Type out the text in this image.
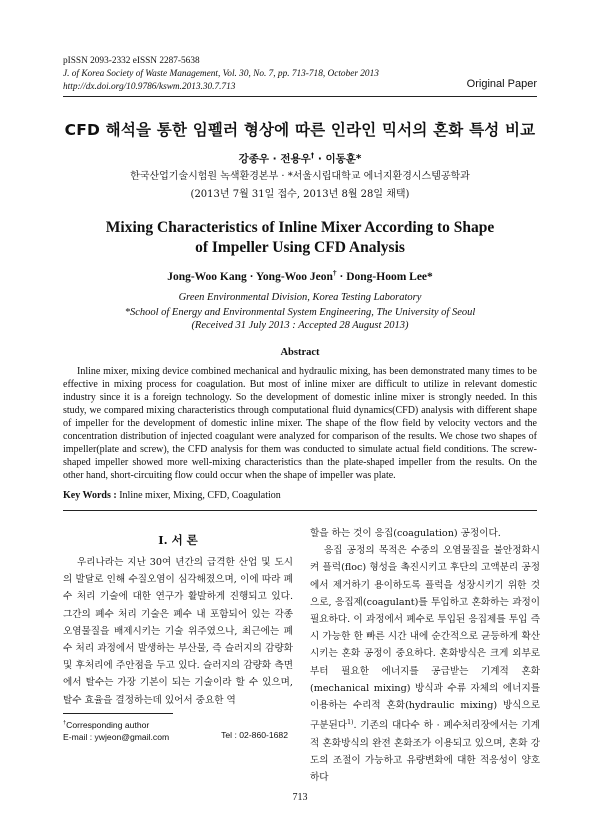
pISSN 2093-2332 eISSN 2287-5638
J. of Korea Society of Waste Management, Vol. 30, No. 7, pp. 713-718, October 2013
http://dx.doi.org/10.9786/kswm.2013.30.7.713	Original Paper
CFD 해석을 통한 임펠러 형상에 따른 인라인 믹서의 혼화 특성 비교
강종우 · 전용우† · 이동훈*
한국산업기술시험원 녹색환경본부 · *서울시립대학교 에너지환경시스템공학과
(2013년 7월 31일 접수, 2013년 8월 28일 채택)
Mixing Characteristics of Inline Mixer According to Shape
of Impeller Using CFD Analysis
Jong-Woo Kang · Yong-Woo Jeon† · Dong-Hoom Lee*
Green Environmental Division, Korea Testing Laboratory
*School of Energy and Environmental System Engineering, The University of Seoul
(Received 31 July 2013 : Accepted 28 August 2013)
Abstract
Inline mixer, mixing device combined mechanical and hydraulic mixing, has been demonstrated many times to be effective in mixing process for coagulation. But most of inline mixer are difficult to utilize in relevant domestic industry since it is a foreign technology. So the development of domestic inline mixer is strongly needed. In this study, we compared mixing characteristics through computational fluid dynamics(CFD) analysis with different shape of impeller for the development of domestic inline mixer. The shape of the flow field by velocity vectors and the concentration distribution of injected coagulant were analyzed for comparison of the results. We chose two shapes of impeller(plate and screw), the CFD analysis for them was conducted to simulate actual field conditions. The screw-shaped impeller showed more well-mixing characteristics than the plate-shaped impeller from the results. On the other hand, short-circuiting flow could occur when the shape of impeller was plate.
Key Words : Inline mixer, Mixing, CFD, Coagulation
I. 서 론
우리나라는 지난 30여 년간의 급격한 산업 및 도시의 발달로 인해 수질오염이 심각해졌으며, 이에 따라 폐수 처리 기술에 대한 연구가 활발하게 진행되고 있다. 그간의 폐수 처리 기술은 폐수 내 포함되어 있는 각종 오염물질을 배제시키는 기술 위주였으나, 최근에는 폐수 처리 과정에서 발생하는 부산물, 즉 슬러지의 감량화 및 후처리에 주안점을 두고 있다. 슬러지의 감량화 측면에서 탈수는 가장 기본이 되는 기술이라 할 수 있으며, 탈수 효율을 결정하는데 있어서 중요한 역

할을 하는 것이 응집(coagulation) 공정이다.

응집 공정의 목적은 수중의 오염물질을 불안정화시켜 플럭(floc) 형성을 촉진시키고 후단의 고액분리 공정에서 제거하기 용이하도록 플럭을 성장시키기 위한 것으로, 응집제(coagulant)를 투입하고 혼화하는 과정이 필요하다. 이 과정에서 폐수로 투입된 응집제를 투입 즉시 가능한 한 빠른 시간 내에 순간적으로 균등하게 확산시키는 혼화 공정이 중요하다. 혼화방식은 크게 외부로부터 필요한 에너지를 공급받는 기계적 혼화(mechanical mixing) 방식과 수류 자체의 에너지를 이용하는 수리적 혼화(hydraulic mixing) 방식으로 구분된다$^{1)}$. 기존의 대다수 하 · 폐수처리장에서는 기계적 혼화방식의 완전 혼화조가 이용되고 있으며, 혼화 강도의 조절이 가능하고 유량변화에 대한 적응성이 양호하다

†Corresponding author
E-mail : ywjeon@gmail.com	Tel : 02-860-1682
713
